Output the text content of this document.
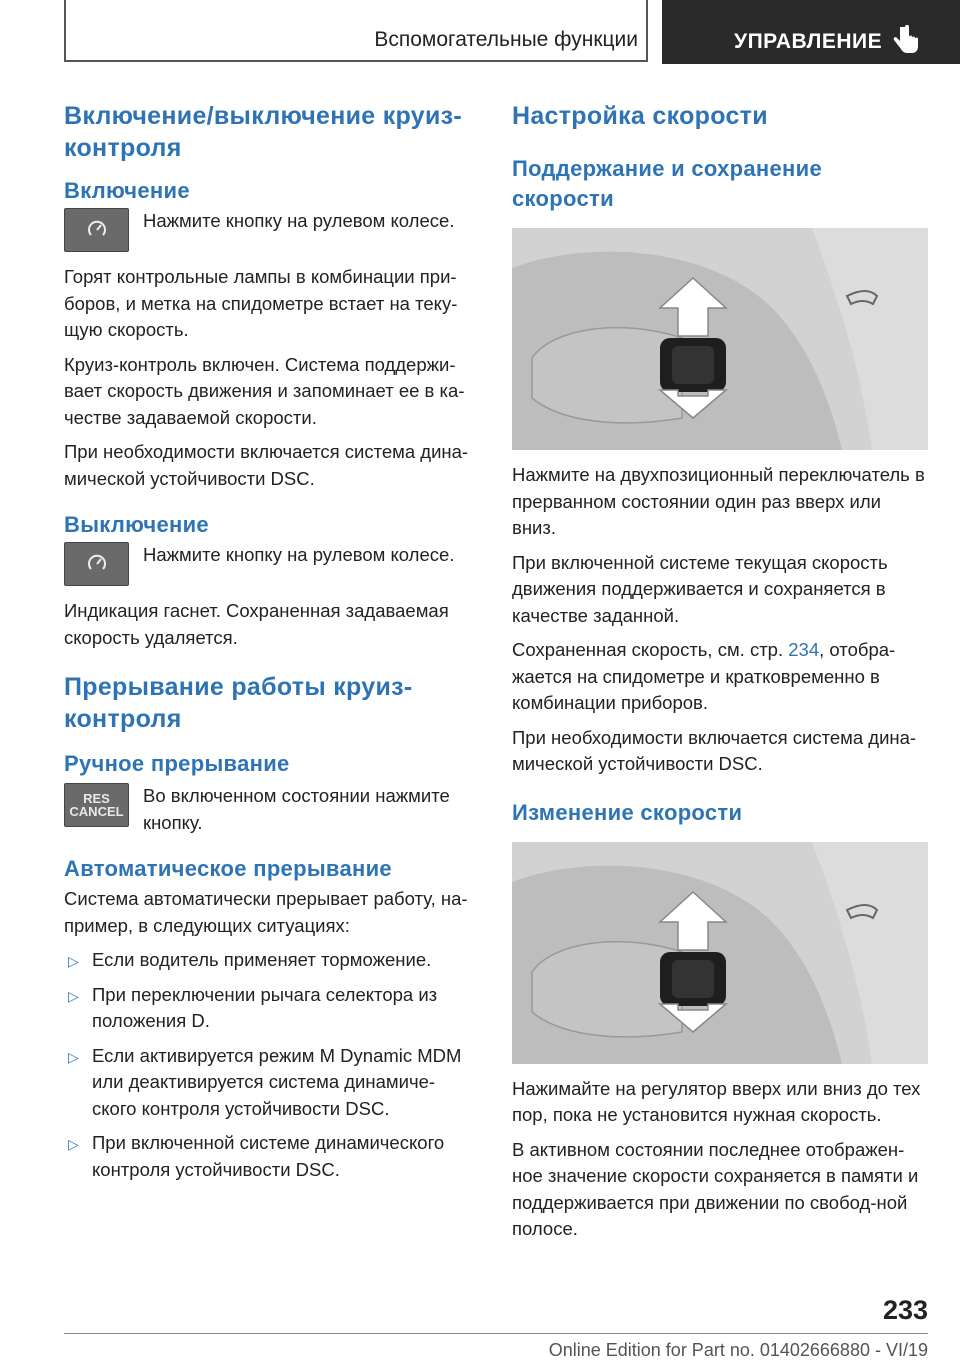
Вспомогательные функции	УПРАВЛЕНИЕ
Включение/выключение круиз-контроля
Включение
Нажмите кнопку на рулевом колесе.

Горят контрольные лампы в комбинации при-боров, и метка на спидометре встает на теку-щую скорость.

Круиз-контроль включен. Система поддержи-вает скорость движения и запоминает ее в ка-честве задаваемой скорости.

При необходимости включается система дина-мической устойчивости DSC.

Выключение
Нажмите кнопку на рулевом колесе.

Индикация гаснет. Сохраненная задаваемая скорость удаляется.

Прерывание работы круиз-контроля
Ручное прерывание
RES
CANCEL
Во включенном состоянии нажмите кнопку.
Автоматическое прерывание

Система автоматически прерывает работу, на-пример, в следующих ситуациях:

▷ Если водитель применяет торможение.
▷ При переключении рычага селектора из положения D.
▷ Если активируется режим M Dynamic MDM или деактивируется система динамиче-ского контроля устойчивости DSC.
▷ При включенной системе динамического контроля устойчивости DSC.
Настройка скорости
Поддержание и сохранение скорости

Нажмите на двухпозиционный переключатель в прерванном состоянии один раз вверх или вниз.

При включенной системе текущая скорость движения поддерживается и сохраняется в качестве заданной.

Сохраненная скорость, см. стр. 234, отобра-жается на спидометре и кратковременно в комбинации приборов.

При необходимости включается система дина-мической устойчивости DSC.

Изменение скорости

Нажимайте на регулятор вверх или вниз до тех пор, пока не установится нужная скорость.

В активном состоянии последнее отображен-ное значение скорости сохраняется в памяти и поддерживается при движении по свобод-ной полосе.

233
Online Edition for Part no. 01402666880 - VI/19
